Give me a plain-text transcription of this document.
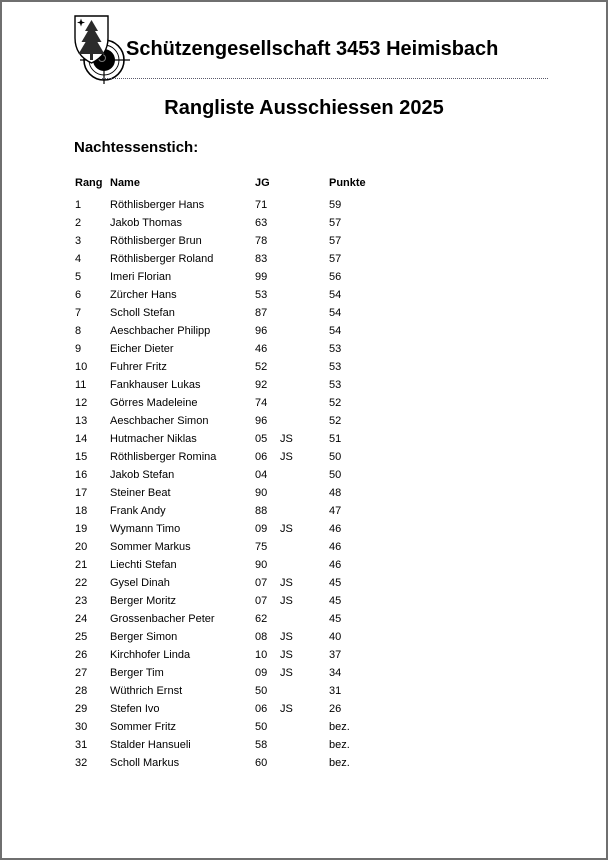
Schützengesellschaft 3453 Heimisbach
Rangliste Ausschiessen 2025
Nachtessenstich:
Rang Name	JG	Punkte
1	Röthlisberger Hans	71	59
2	Jakob Thomas	63	57
3	Röthlisberger Brun	78	57
4	Röthlisberger Roland	83	57
5	Imeri Florian	99	56
6	Zürcher Hans	53	54
7	Scholl Stefan	87	54
8	Aeschbacher Philipp	96	54
9	Eicher Dieter	46	53
10	Fuhrer Fritz	52	53
11	Fankhauser Lukas	92	53
12	Görres Madeleine	74	52
13	Aeschbacher Simon	96	52
14	Hutmacher Niklas	05	JS	51
15	Röthlisberger Romina	06	JS	50
16	Jakob Stefan	04	50
17	Steiner Beat	90	48
18	Frank Andy	88	47
19	Wymann Timo	09	JS	46
20	Sommer Markus	75	46
21	Liechti Stefan	90	46
22	Gysel Dinah	07	JS	45
23	Berger Moritz	07	JS	45
24	Grossenbacher Peter	62	45
25	Berger Simon	08	JS	40
26	Kirchhofer Linda	10	JS	37
27	Berger Tim	09	JS	34
28	Wüthrich Ernst	50	31
29	Stefen Ivo	06	JS	26
30	Sommer Fritz	50	bez.
31	Stalder Hansueli	58	bez.
32	Scholl Markus	60	bez.
